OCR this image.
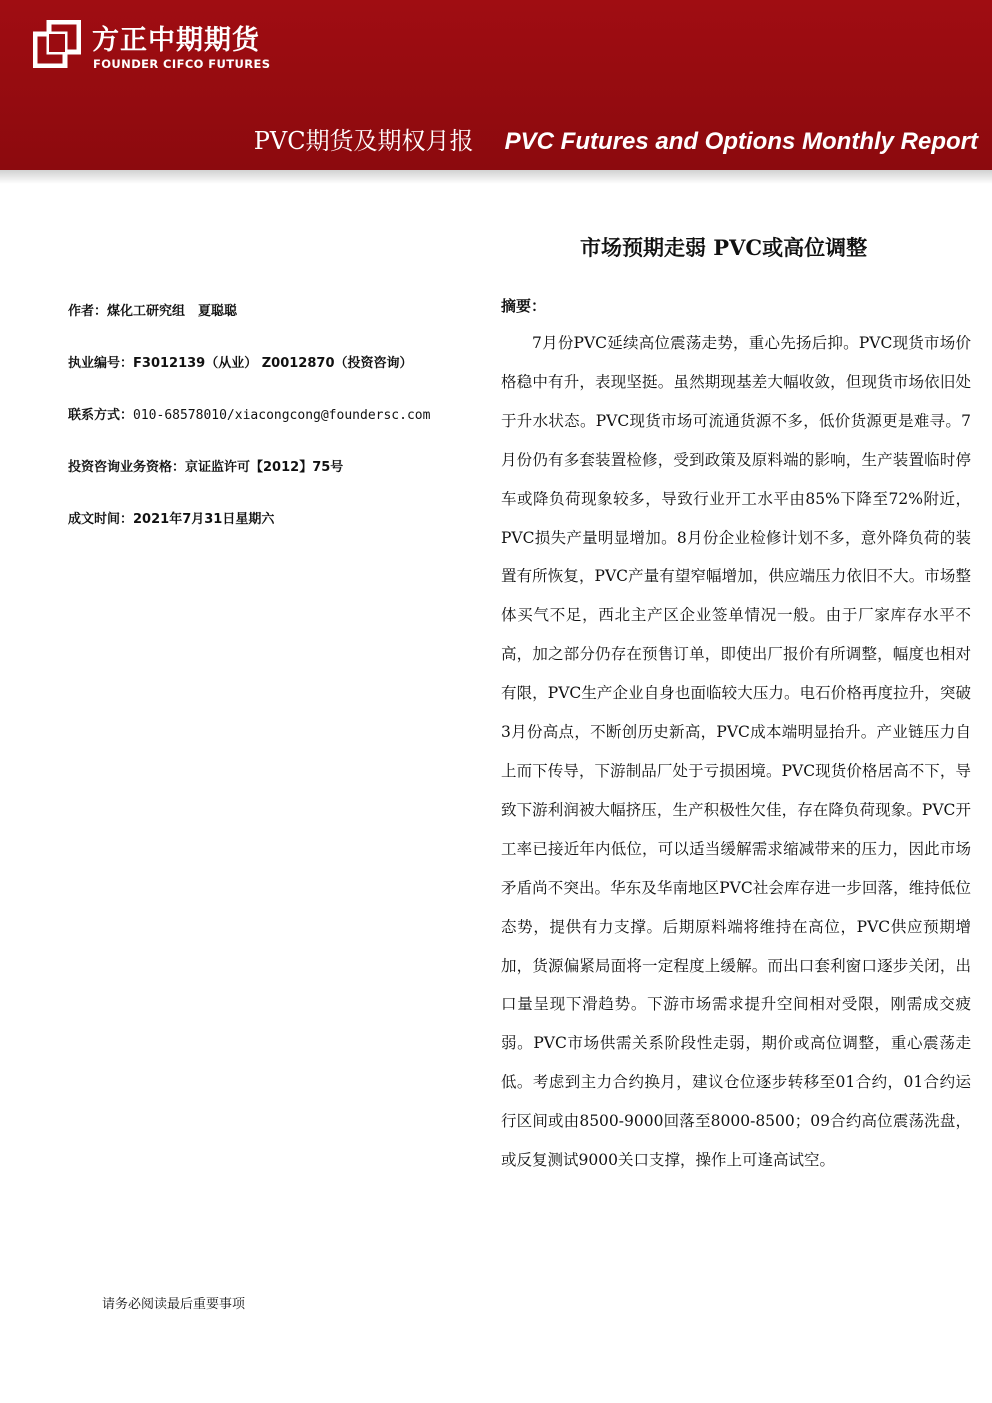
方正中期期货
FOUNDER CIFCO FUTURES
PVC期货及期权月报 PVC Futures and Options Monthly Report
市场预期走弱 PVC或高位调整
作者：煤化工研究组　夏聪聪
执业编号：F3012139（从业） Z0012870（投资咨询）
联系方式：010-68578010/xiacongcong@foundersc.com
投资咨询业务资格：京证监许可【2012】75号
成文时间：2021年7月31日星期六
摘要：

7月份PVC延续高位震荡走势，重心先扬后抑。PVC现货市场价格稳中有升，表现坚挺。虽然期现基差大幅收敛，但现货市场依旧处于升水状态。PVC现货市场可流通货源不多，低价货源更是难寻。7月份仍有多套装置检修，受到政策及原料端的影响，生产装置临时停车或降负荷现象较多，导致行业开工水平由85%下降至72%附近，PVC损失产量明显增加。8月份企业检修计划不多，意外降负荷的装置有所恢复，PVC产量有望窄幅增加，供应端压力依旧不大。市场整体买气不足，西北主产区企业签单情况一般。由于厂家库存水平不高，加之部分仍存在预售订单，即使出厂报价有所调整，幅度也相对有限，PVC生产企业自身也面临较大压力。电石价格再度拉升，突破3月份高点，不断创历史新高，PVC成本端明显抬升。产业链压力自上而下传导，下游制品厂处于亏损困境。PVC现货价格居高不下，导致下游利润被大幅挤压，生产积极性欠佳，存在降负荷现象。PVC开工率已接近年内低位，可以适当缓解需求缩减带来的压力，因此市场矛盾尚不突出。华东及华南地区PVC社会库存进一步回落，维持低位态势，提供有力支撑。后期原料端将维持在高位，PVC供应预期增加，货源偏紧局面将一定程度上缓解。而出口套利窗口逐步关闭，出口量呈现下滑趋势。下游市场需求提升空间相对受限，刚需成交疲弱。PVC市场供需关系阶段性走弱，期价或高位调整，重心震荡走低。考虑到主力合约换月，建议仓位逐步转移至01合约，01合约运行区间或由8500-9000回落至8000-8500；09合约高位震荡洗盘，或反复测试9000关口支撑，操作上可逢高试空。

请务必阅读最后重要事项
